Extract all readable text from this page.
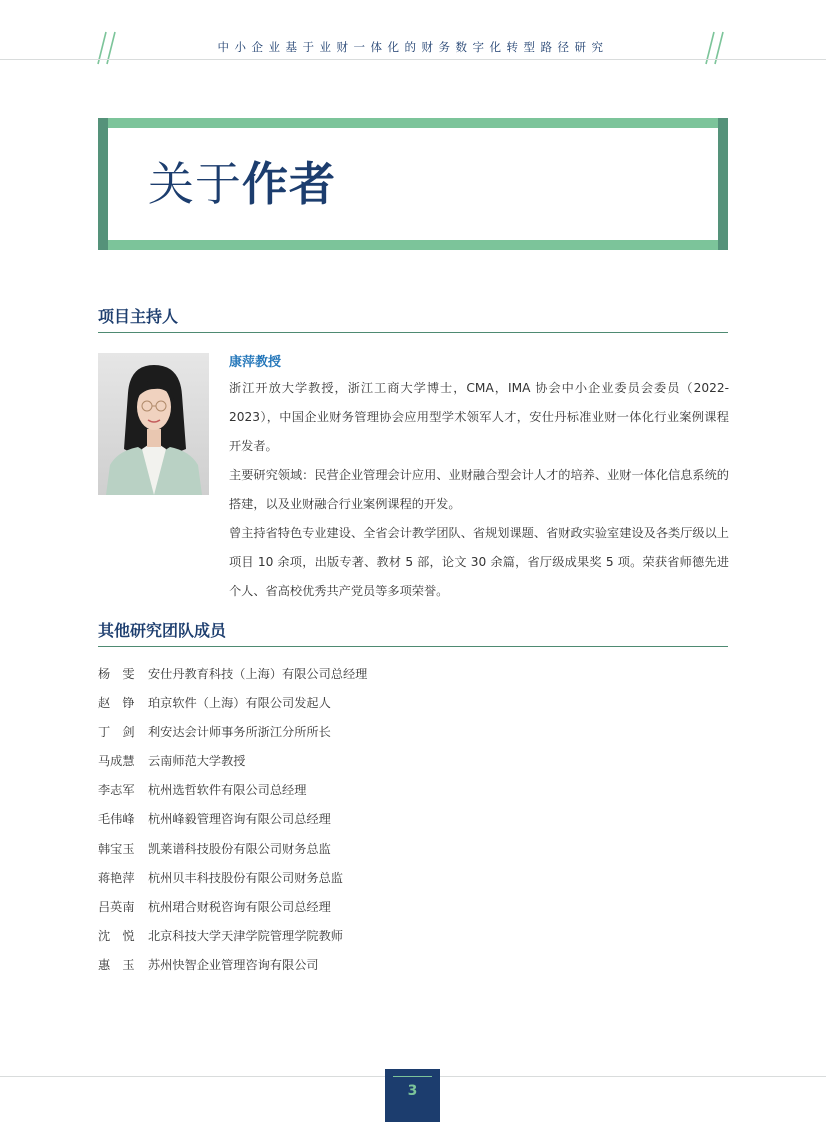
中小企业基于业财一体化的财务数字化转型路径研究
关于作者
项目主持人
康萍教授

浙江开放大学教授，浙江工商大学博士，CMA，IMA 协会中小企业委员会委员（2022-2023），中国企业财务管理协会应用型学术领军人才，安仕丹标准业财一体化行业案例课程开发者。

主要研究领域：民营企业管理会计应用、业财融合型会计人才的培养、业财一体化信息系统的搭建，以及业财融合行业案例课程的开发。

曾主持省特色专业建设、全省会计教学团队、省规划课题、省财政实验室建设及各类厅级以上项目 10 余项，出版专著、教材 5 部，论文 30 余篇，省厅级成果奖 5 项。荣获省师德先进个人、省高校优秀共产党员等多项荣誉。

其他研究团队成员
杨　雯 安仕丹教育科技（上海）有限公司总经理
赵　铮 珀京软件（上海）有限公司发起人
丁　剑 利安达会计师事务所浙江分所所长
马成慧 云南师范大学教授
李志军 杭州选哲软件有限公司总经理
毛伟峰 杭州峰毅管理咨询有限公司总经理
韩宝玉 凯莱谱科技股份有限公司财务总监
蒋艳萍 杭州贝丰科技股份有限公司财务总监
吕英南 杭州珺合财税咨询有限公司总经理
沈　悦 北京科技大学天津学院管理学院教师
惠　玉 苏州快智企业管理咨询有限公司
3
